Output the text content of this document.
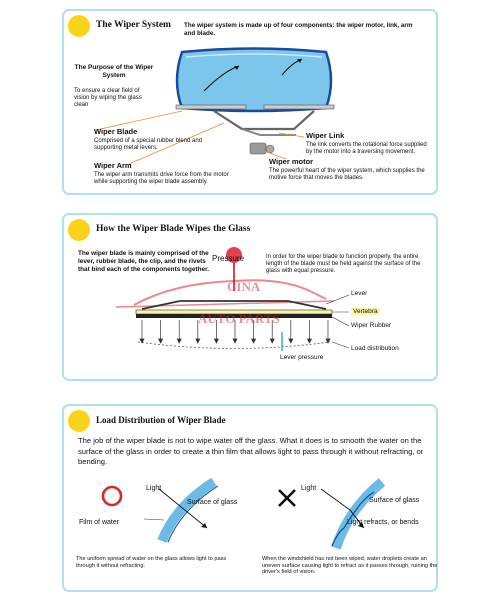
The Wiper System The wiper system is made up of four components: the wiper motor, link, arm and blade.
The Purpose of the Wiper System
To ensure a clear field of vision by wiping the glass clean
Wiper Blade
Comprised of a special rubber blend and supporting metal levers.
Wiper Arm
The wiper arm transmits drive force from the motor while supporting the wiper blade assembly.
Wiper Link
The link converts the rotational force supplied by the motor into a traversing movement.
Wiper motor
The powerful heart of the wiper system, which supplies the motive force that moves the blades.
How the Wiper Blade Wipes the Glass
The wiper blade is mainly comprised of the lever, rubber blade, the clip, and the rivets that bind each of the components together.
In order for the wiper blade to function properly, the entire length of the blade must be held against the surface of the glass with equal pressure.
Pressure
CINA
AUTO PARTS
Lever
Vertebra
Wiper Rubber
Load distribution
Lever pressure
Load Distribution of Wiper Blade
The job of the wiper blade is not to wipe water off the glass. What it does is to smooth the water on the surface of the glass in order to create a thin film that allows light to pass through it without refracting, or bending.
Light
Surface of glass
Film of water
The uniform spread of water on the glass allows light to pass through it without refracting.
Light
Surface of glass
Light refracts, or bends
When the windshield has not been wiped, water droplets create an uneven surface causing light to refract as it passes through, ruining the driver's field of vision.
